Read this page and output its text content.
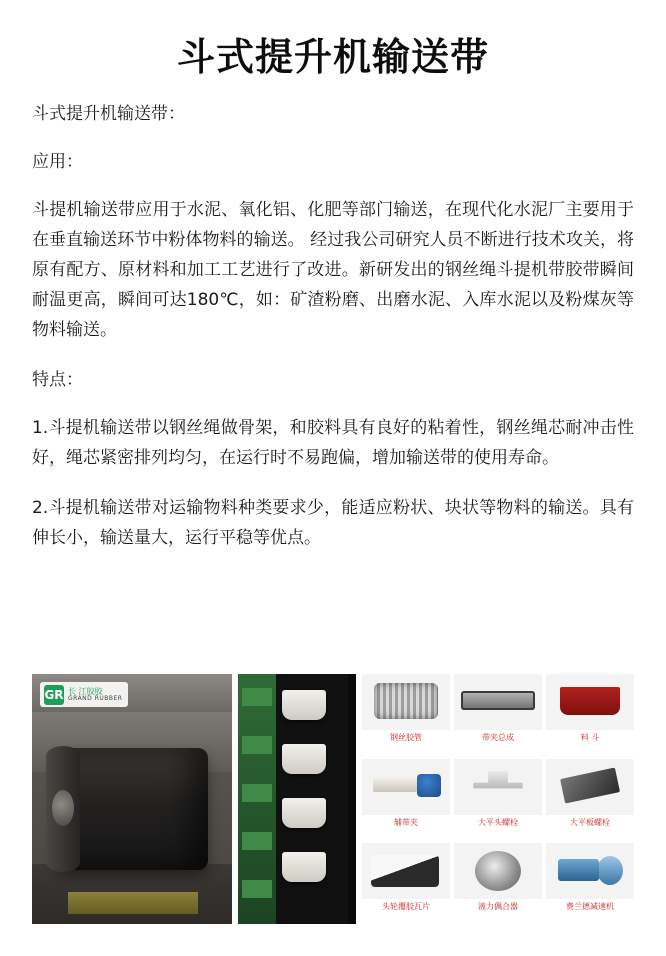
斗式提升机输送带

斗式提升机输送带：

应用：

斗提机输送带应用于水泥、氧化铝、化肥等部门输送，在现代化水泥厂主要用于在垂直输送环节中粉体物料的输送。 经过我公司研究人员不断进行技术攻关，将原有配方、原材料和加工工艺进行了改进。新研发出的钢丝绳斗提机带胶带瞬间耐温更高，瞬间可达180℃，如：矿渣粉磨、出磨水泥、入库水泥以及粉煤灰等物料输送。

特点：

1.斗提机输送带以钢丝绳做骨架，和胶料具有良好的粘着性，钢丝绳芯耐冲击性好，绳芯紧密排列均匀，在运行时不易跑偏，增加输送带的使用寿命。

2.斗提机输送带对运输物料种类要求少，能适应粉状、块状等物料的输送。具有伸长小，输送量大，运行平稳等优点。

GR 长 江胶胶
GRAND RUBBER
钢丝胶管	带夹总成	料 斗
辅带夹	大平头螺栓	大平板螺栓
头轮覆胶瓦片	液力偶合器	费兰德减速机
